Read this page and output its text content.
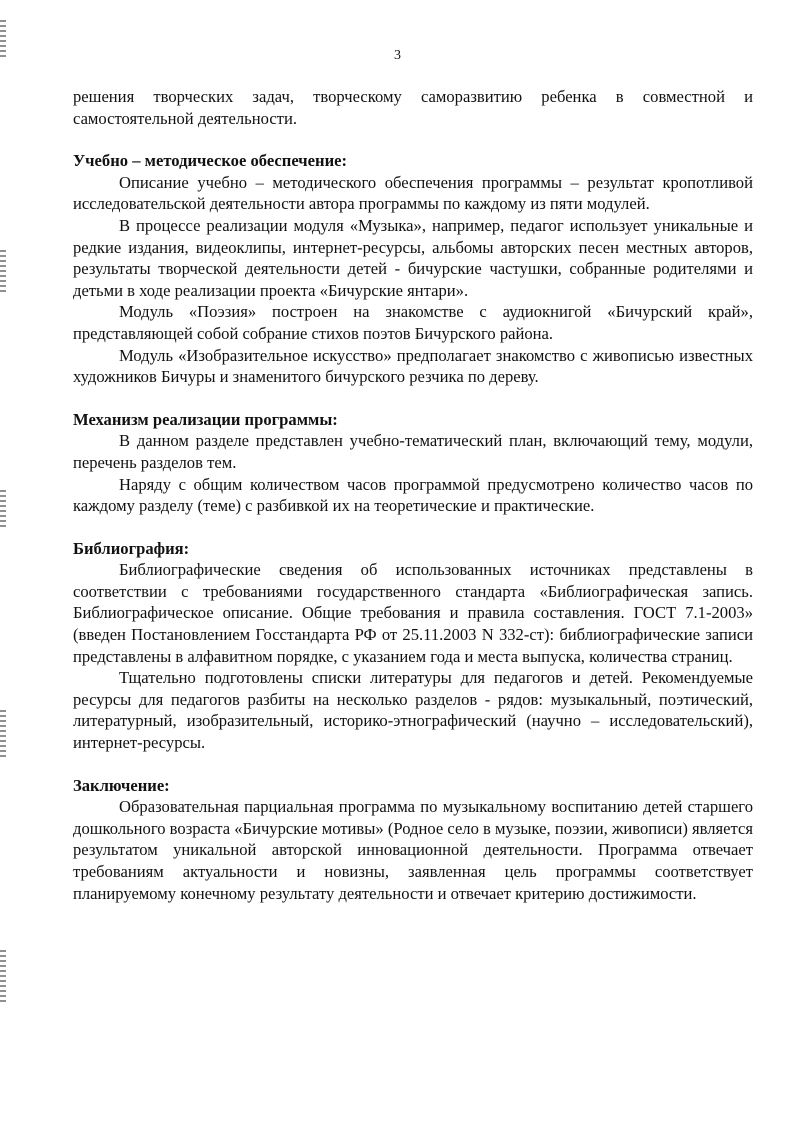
3

решения творческих задач, творческому саморазвитию ребенка в совместной и самостоятельной деятельности.

Учебно – методическое обеспечение:

Описание учебно – методического обеспечения программы – результат кропотливой исследовательской деятельности автора программы по каждому из пяти модулей.

В процессе реализации модуля «Музыка», например, педагог использует уникальные и редкие издания, видеоклипы, интернет-ресурсы, альбомы авторских песен местных авторов, результаты творческой деятельности детей - бичурские частушки, собранные родителями и детьми в ходе реализации проекта «Бичурские янтари».

Модуль «Поэзия» построен на знакомстве с аудиокнигой «Бичурский край», представляющей собой собрание стихов поэтов Бичурского района.

Модуль «Изобразительное искусство» предполагает знакомство с живописью известных художников Бичуры и знаменитого бичурского резчика по дереву.

Механизм реализации программы:

В данном разделе представлен учебно-тематический план, включающий тему, модули, перечень разделов тем.

Наряду с общим количеством часов программой предусмотрено количество часов по каждому разделу (теме) с разбивкой их на теоретические и практические.

Библиография:

Библиографические сведения об использованных источниках представлены в соответствии с требованиями государственного стандарта «Библиографическая запись. Библиографическое описание. Общие требования и правила составления. ГОСТ 7.1-2003» (введен Постановлением Госстандарта РФ от 25.11.2003 N 332-ст): библиографические записи представлены в алфавитном порядке, с указанием года и места выпуска, количества страниц.

Тщательно подготовлены списки литературы для педагогов и детей. Рекомендуемые ресурсы для педагогов разбиты на несколько разделов - рядов: музыкальный, поэтический, литературный, изобразительный, историко-этнографический (научно – исследовательский), интернет-ресурсы.

Заключение:

Образовательная парциальная программа по музыкальному воспитанию детей старшего дошкольного возраста «Бичурские мотивы» (Родное село в музыке, поэзии, живописи) является результатом уникальной авторской инновационной деятельности. Программа отвечает требованиям актуальности и новизны, заявленная цель программы соответствует планируемому конечному результату деятельности и отвечает критерию достижимости.
